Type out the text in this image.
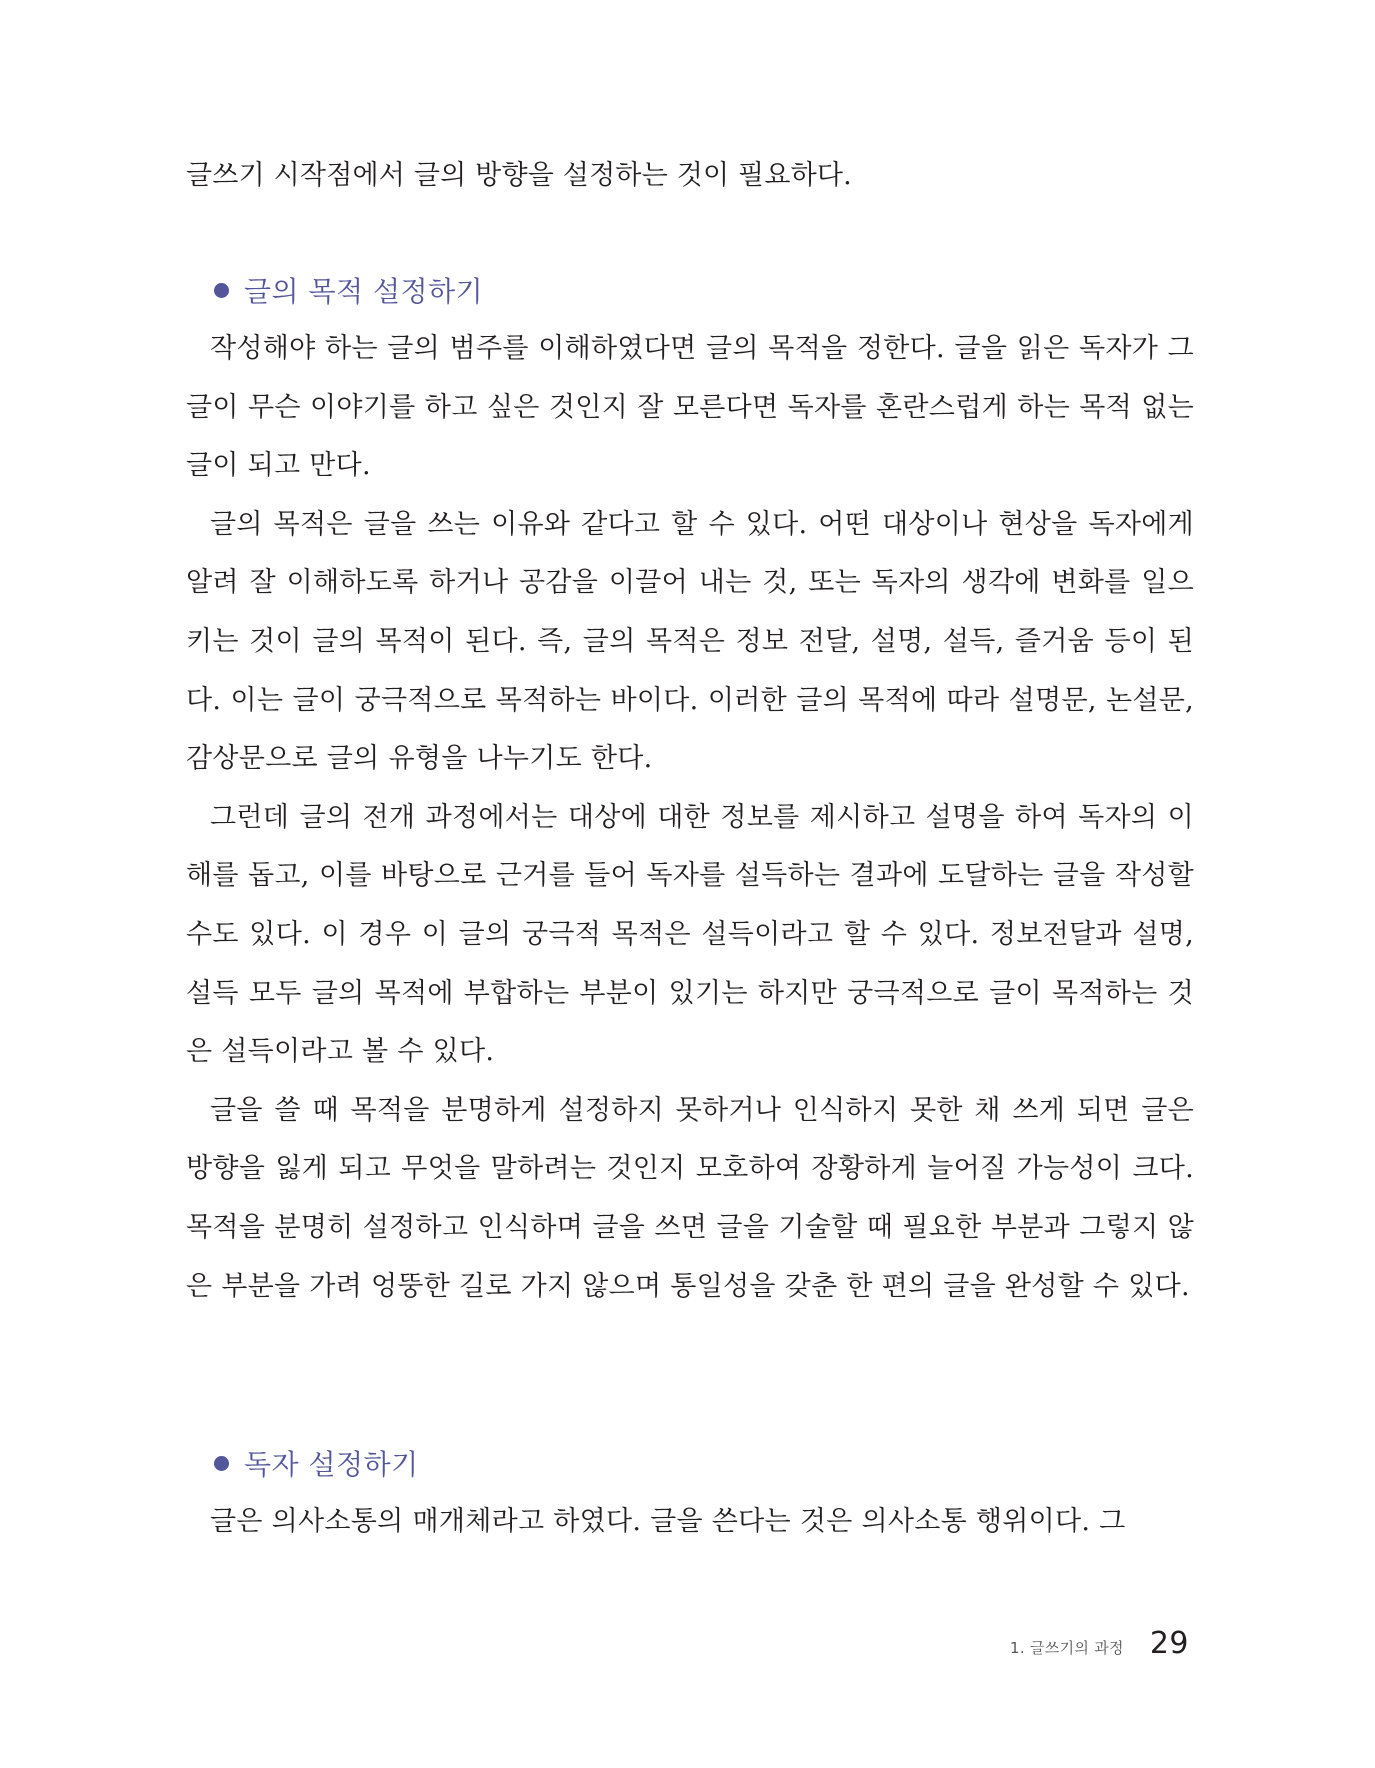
글쓰기 시작점에서 글의 방향을 설정하는 것이 필요하다.
글의 목적 설정하기

작성해야 하는 글의 범주를 이해하였다면 글의 목적을 정한다. 글을 읽은 독자가 그 글이 무슨 이야기를 하고 싶은 것인지 잘 모른다면 독자를 혼란스럽게 하는 목적 없는 글이 되고 만다.

글의 목적은 글을 쓰는 이유와 같다고 할 수 있다. 어떤 대상이나 현상을 독자에게 알려 잘 이해하도록 하거나 공감을 이끌어 내는 것, 또는 독자의 생각에 변화를 일으키는 것이 글의 목적이 된다. 즉, 글의 목적은 정보 전달, 설명, 설득, 즐거움 등이 된다. 이는 글이 궁극적으로 목적하는 바이다. 이러한 글의 목적에 따라 설명문, 논설문, 감상문으로 글의 유형을 나누기도 한다.

그런데 글의 전개 과정에서는 대상에 대한 정보를 제시하고 설명을 하여 독자의 이해를 돕고, 이를 바탕으로 근거를 들어 독자를 설득하는 결과에 도달하는 글을 작성할 수도 있다. 이 경우 이 글의 궁극적 목적은 설득이라고 할 수 있다. 정보전달과 설명, 설득 모두 글의 목적에 부합하는 부분이 있기는 하지만 궁극적으로 글이 목적하는 것은 설득이라고 볼 수 있다.

글을 쓸 때 목적을 분명하게 설정하지 못하거나 인식하지 못한 채 쓰게 되면 글은 방향을 잃게 되고 무엇을 말하려는 것인지 모호하여 장황하게 늘어질 가능성이 크다. 목적을 분명히 설정하고 인식하며 글을 쓰면 글을 기술할 때 필요한 부분과 그렇지 않은 부분을 가려 엉뚱한 길로 가지 않으며 통일성을 갖춘 한 편의 글을 완성할 수 있다.

독자 설정하기

글은 의사소통의 매개체라고 하였다. 글을 쓴다는 것은 의사소통 행위이다. 그

1. 글쓰기의 과정 29
